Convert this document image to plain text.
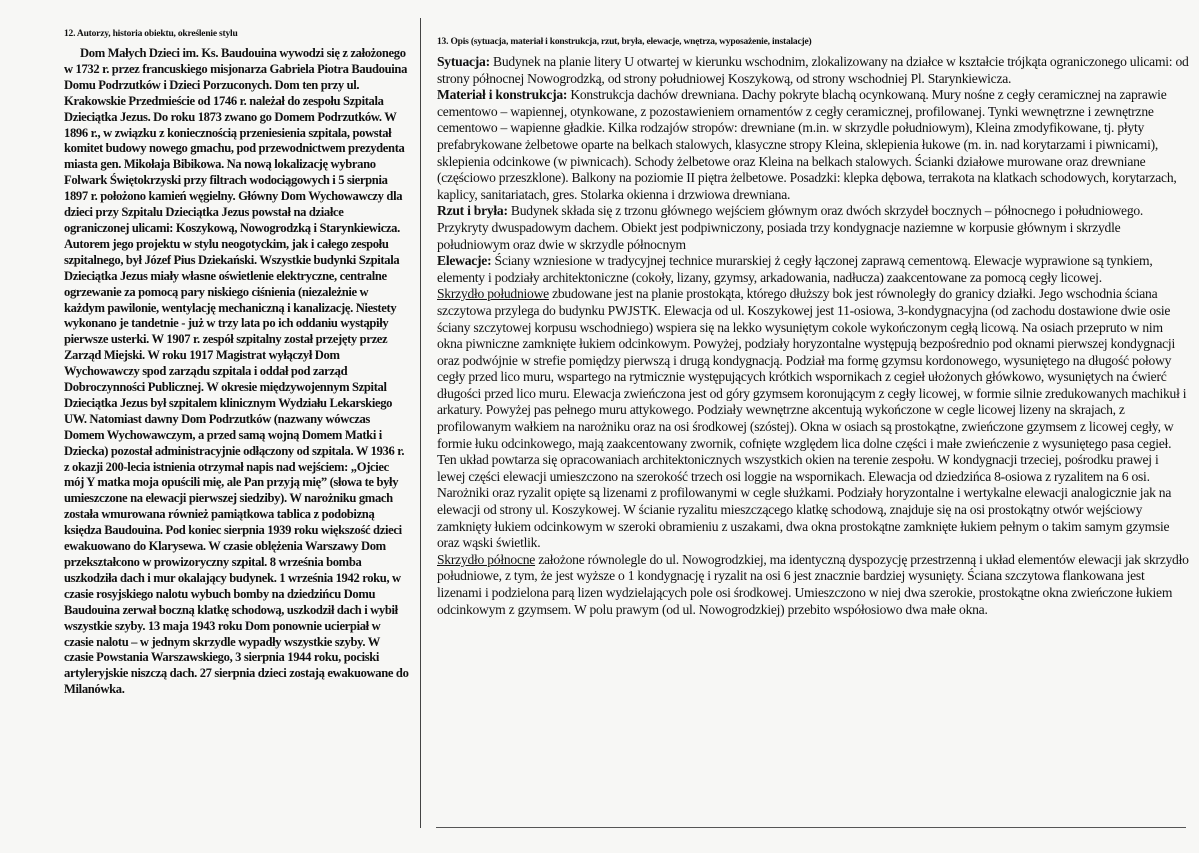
12. Autorzy, historia obiektu, określenie stylu

Dom Małych Dzieci im. Ks. Baudouina wywodzi się z założonego w 1732 r. przez francuskiego misjonarza Gabriela Piotra Baudouina Domu Podrzutków i Dzieci Porzuconych. Dom ten przy ul. Krakowskie Przedmieście od 1746 r. należał do zespołu Szpitala Dzieciątka Jezus. Do roku 1873 zwano go Domem Podrzutków. W 1896 r., w związku z koniecznością przeniesienia szpitala, powstał komitet budowy nowego gmachu, pod przewodnictwem prezydenta miasta gen. Mikołaja Bibikowa. Na nową lokalizację wybrano Folwark Świętokrzyski przy filtrach wodociągowych i 5 sierpnia 1897 r. położono kamień węgielny. Główny Dom Wychowawczy dla dzieci przy Szpitalu Dzieciątka Jezus powstał na działce ograniczonej ulicami: Koszykową, Nowogrodzką i Starynkiewicza. Autorem jego projektu w stylu neogotyckim, jak i całego zespołu szpitalnego, był Józef Pius Dziekański. Wszystkie budynki Szpitala Dzieciątka Jezus miały własne oświetlenie elektryczne, centralne ogrzewanie za pomocą pary niskiego ciśnienia (niezależnie w każdym pawilonie, wentylację mechaniczną i kanalizację. Niestety wykonano je tandetnie - już w trzy lata po ich oddaniu wystąpiły pierwsze usterki. W 1907 r. zespół szpitalny został przejęty przez Zarząd Miejski. W roku 1917 Magistrat wyłączył Dom Wychowawczy spod zarządu szpitala i oddał pod zarząd Dobroczynności Publicznej. W okresie międzywojennym Szpital Dzieciątka Jezus był szpitalem klinicznym Wydziału Lekarskiego UW. Natomiast dawny Dom Podrzutków (nazwany wówczas Domem Wychowawczym, a przed samą wojną Domem Matki i Dziecka) pozostał administracyjnie odłączony od szpitala. W 1936 r. z okazji 200-lecia istnienia otrzymał napis nad wejściem: „Ojciec mój Y matka moja opuścili mię, ale Pan przyją mię” (słowa te były umieszczone na elewacji pierwszej siedziby). W narożniku gmach została wmurowana również pamiątkowa tablica z podobizną księdza Baudouina. Pod koniec sierpnia 1939 roku większość dzieci ewakuowano do Klarysewa. W czasie oblężenia Warszawy Dom przekształcono w prowizoryczny szpital. 8 września bomba uszkodziła dach i mur okalający budynek. 1 września 1942 roku, w czasie rosyjskiego nalotu wybuch bomby na dziedzińcu Domu Baudouina zerwał boczną klatkę schodową, uszkodził dach i wybił wszystkie szyby. 13 maja 1943 roku Dom ponownie ucierpiał w czasie nalotu – w jednym skrzydle wypadły wszystkie szyby. W czasie Powstania Warszawskiego, 3 sierpnia 1944 roku, pociski artyleryjskie niszczą dach. 27 sierpnia dzieci zostają ewakuowane do Milanówka.

13. Opis (sytuacja, materiał i konstrukcja, rzut, bryła, elewacje, wnętrza, wyposażenie, instalacje)

Sytuacja: Budynek na planie litery U otwartej w kierunku wschodnim, zlokalizowany na działce w kształcie trójkąta ograniczonego ulicami: od strony północnej Nowogrodzką, od strony południowej Koszykową, od strony wschodniej Pl. Starynkiewicza.

Materiał i konstrukcja: Konstrukcja dachów drewniana. Dachy pokryte blachą ocynkowaną. Mury nośne z cegły ceramicznej na zaprawie cementowo – wapiennej, otynkowane, z pozostawieniem ornamentów z cegły ceramicznej, profilowanej. Tynki wewnętrzne i zewnętrzne cementowo – wapienne gładkie. Kilka rodzajów stropów: drewniane (m.in. w skrzydle południowym), Kleina zmodyfikowane, tj. płyty prefabrykowane żelbetowe oparte na belkach stalowych, klasyczne stropy Kleina, sklepienia łukowe (m. in. nad korytarzami i piwnicami), sklepienia odcinkowe (w piwnicach). Schody żelbetowe oraz Kleina na belkach stalowych. Ścianki działowe murowane oraz drewniane (częściowo przeszklone). Balkony na poziomie II piętra żelbetowe. Posadzki: klepka dębowa, terrakota na klatkach schodowych, korytarzach, kaplicy, sanitariatach, gres. Stolarka okienna i drzwiowa drewniana.

Rzut i bryła: Budynek składa się z trzonu głównego wejściem głównym oraz dwóch skrzydeł bocznych – północnego i południowego. Przykryty dwuspadowym dachem. Obiekt jest podpiwniczony, posiada trzy kondygnacje naziemne w korpusie głównym i skrzydle południowym oraz dwie w skrzydle północnym

Elewacje: Ściany wzniesione w tradycyjnej technice murarskiej ż cegły łączonej zaprawą cementową. Elewacje wyprawione są tynkiem, elementy i podziały architektoniczne (cokoły, lizany, gzymsy, arkadowania, nadłucza) zaakcentowane za pomocą cegły licowej.

Skrzydło południowe zbudowane jest na planie prostokąta, którego dłuższy bok jest równoległy do granicy działki. Jego wschodnia ściana szczytowa przylega do budynku PWJSTK. Elewacja od ul. Koszykowej jest 11-osiowa, 3-kondygnacyjna (od zachodu dostawione dwie osie ściany szczytowej korpusu wschodniego) wspiera się na lekko wysuniętym cokole wykończonym cegłą licową. Na osiach przepruto w nim okna piwniczne zamknięte łukiem odcinkowym. Powyżej, podziały horyzontalne występują bezpośrednio pod oknami pierwszej kondygnacji oraz podwójnie w strefie pomiędzy pierwszą i drugą kondygnacją. Podział ma formę gzymsu kordonowego, wysuniętego na długość połowy cegły przed lico muru, wspartego na rytmicznie występujących krótkich wspornikach z cegieł ułożonych główkowo, wysuniętych na ćwierć długości przed lico muru. Elewacja zwieńczona jest od góry gzymsem koronującym z cegły licowej, w formie silnie zredukowanych machikuł i arkatury. Powyżej pas pełnego muru attykowego. Podziały wewnętrzne akcentują wykończone w cegle licowej lizeny na skrajach, z profilowanym wałkiem na narożniku oraz na osi środkowej (szóstej). Okna w osiach są prostokątne, zwieńczone gzymsem z licowej cegły, w formie łuku odcinkowego, mają zaakcentowany zwornik, cofnięte względem lica dolne części i małe zwieńczenie z wysuniętego pasa cegieł. Ten układ powtarza się opracowaniach architektonicznych wszystkich okien na terenie zespołu. W kondygnacji trzeciej, pośrodku prawej i lewej części elewacji umieszczono na szerokość trzech osi loggie na wspornikach. Elewacja od dziedzińca 8-osiowa z ryzalitem na 6 osi. Narożniki oraz ryzalit opięte są lizenami z profilowanymi w cegle służkami. Podziały horyzontalne i wertykalne elewacji analogicznie jak na elewacji od strony ul. Koszykowej. W ścianie ryzalitu mieszczącego klatkę schodową, znajduje się na osi prostokątny otwór wejściowy zamknięty łukiem odcinkowym w szeroki obramieniu z uszakami, dwa okna prostokątne zamknięte łukiem pełnym o takim samym gzymsie oraz wąski świetlik.

Skrzydło północne założone równolegle do ul. Nowogrodzkiej, ma identyczną dyspozycję przestrzenną i układ elementów elewacji jak skrzydło południowe, z tym, że jest wyższe o 1 kondygnację i ryzalit na osi 6 jest znacznie bardziej wysunięty. Ściana szczytowa flankowana jest lizenami i podzielona parą lizen wydzielających pole osi środkowej. Umieszczono w niej dwa szerokie, prostokątne okna zwieńczone łukiem odcinkowym z gzymsem. W polu prawym (od ul. Nowogrodzkiej) przebito współosiowo dwa małe okna.
